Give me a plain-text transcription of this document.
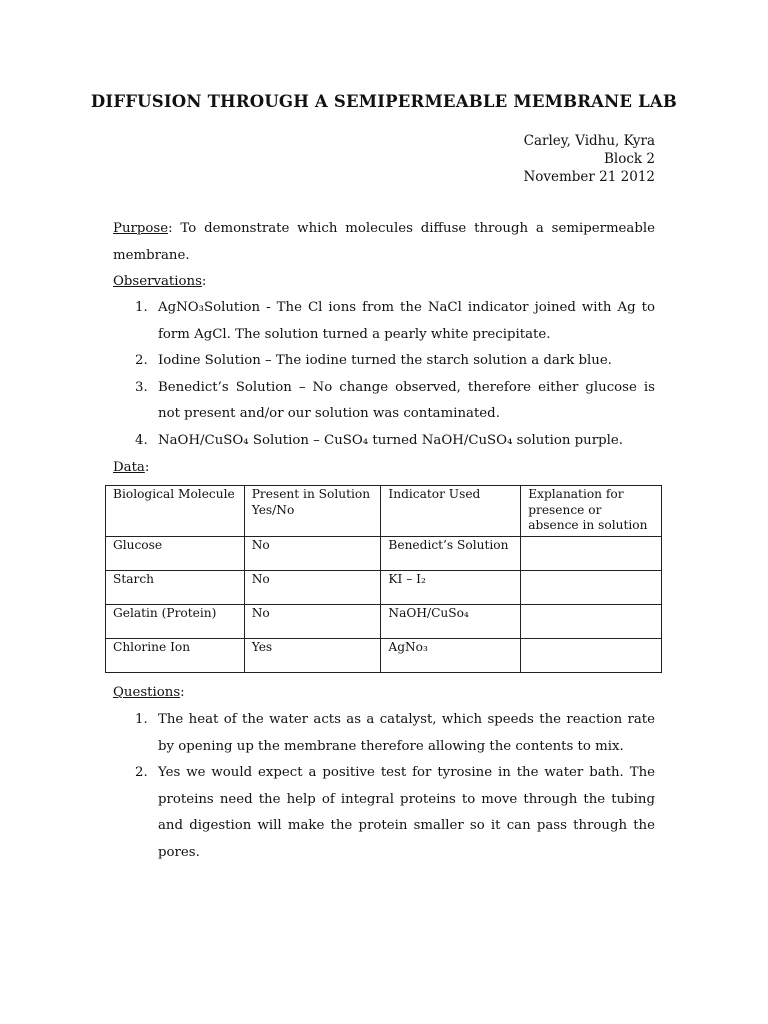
DIFFUSION THROUGH A SEMIPERMEABLE MEMBRANE LAB
Carley, Vidhu, Kyra
Block 2
November 21 2012

Purpose: To demonstrate which molecules diffuse through a semipermeable membrane.

Observations:
1. AgNO₃Solution - The Cl ions from the NaCl indicator joined with Ag to form AgCl. The solution turned a pearly white precipitate.
2. Iodine Solution – The iodine turned the starch solution a dark blue.
3. Benedict’s Solution – No change observed, therefore either glucose is not present and/or our solution was contaminated.
4. NaOH/CuSO₄ Solution – CuSO₄ turned NaOH/CuSO₄ solution purple.
Data:
Biological Molecule	Present in Solution Yes/No	Indicator Used	Explanation for presence or absence in solution
Glucose	No	Benedict’s Solution	
Starch	No	KI – I₂	
Gelatin (Protein)	No	NaOH/CuSo₄	
Chlorine Ion	Yes	AgNo₃	
Questions:
1. The heat of the water acts as a catalyst, which speeds the reaction rate by opening up the membrane therefore allowing the contents to mix.
2. Yes we would expect a positive test for tyrosine in the water bath. The proteins need the help of integral proteins to move through the tubing and digestion will make the protein smaller so it can pass through the pores.
